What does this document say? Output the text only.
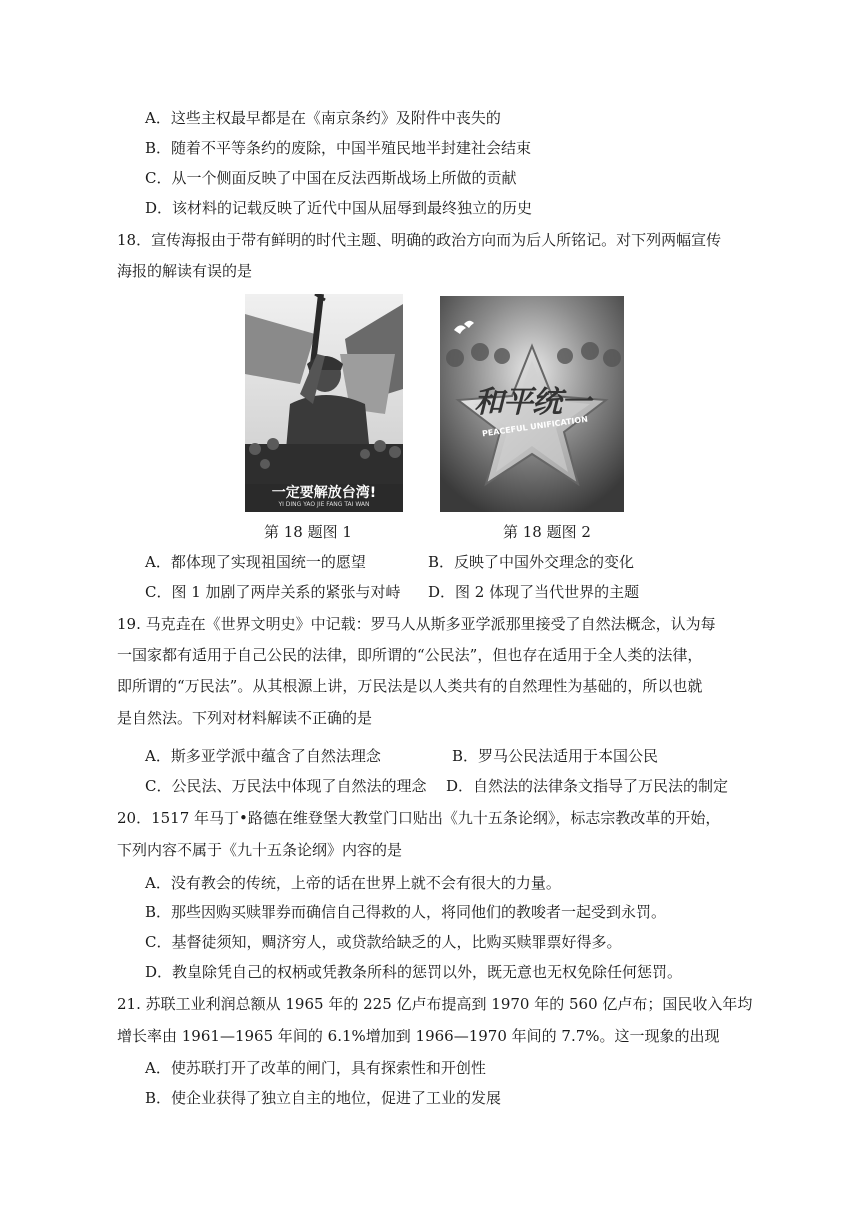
A．这些主权最早都是在《南京条约》及附件中丧失的
B．随着不平等条约的废除，中国半殖民地半封建社会结束
C．从一个侧面反映了中国在反法西斯战场上所做的贡献
D．该材料的记载反映了近代中国从屈辱到最终独立的历史
18．宣传海报由于带有鲜明的时代主题、明确的政治方向而为后人所铭记。对下列两幅宣传
海报的解读有误的是
一定要解放台湾!
YI DING YAO JIE FANG TAI WAN
第 18 题图 1
和平统一
PEACEFUL UNIFICATION
第 18 题图 2
A．都体现了实现祖国统一的愿望	B．反映了中国外交理念的变化
C．图 1 加剧了两岸关系的紧张与对峙 D．图 2 体现了当代世界的主题
19. 马克垚在《世界文明史》中记载：罗马人从斯多亚学派那里接受了自然法概念，认为每
一国家都有适用于自己公民的法律，即所谓的“公民法”，但也存在适用于全人类的法律，
即所谓的“万民法”。从其根源上讲，万民法是以人类共有的自然理性为基础的，所以也就
是自然法。下列对材料解读不正确的是
A．斯多亚学派中蕴含了自然法理念	B．罗马公民法适用于本国公民
C．公民法、万民法中体现了自然法的理念 D．自然法的法律条文指导了万民法的制定
20．1517 年马丁•路德在维登堡大教堂门口贴出《九十五条论纲》，标志宗教改革的开始，
下列内容不属于《九十五条论纲》内容的是
A．没有教会的传统，上帝的话在世界上就不会有很大的力量。
B．那些因购买赎罪券而确信自己得救的人，将同他们的教唆者一起受到永罚。
C．基督徒须知，赒济穷人，或贷款给缺乏的人，比购买赎罪票好得多。
D．教皇除凭自己的权柄或凭教条所科的惩罚以外，既无意也无权免除任何惩罚。
21. 苏联工业利润总额从 1965 年的 225 亿卢布提高到 1970 年的 560 亿卢布；国民收入年均
增长率由 1961—1965 年间的 6.1%增加到 1966—1970 年间的 7.7%。这一现象的出现
A．使苏联打开了改革的闸门，具有探索性和开创性
B．使企业获得了独立自主的地位，促进了工业的发展
